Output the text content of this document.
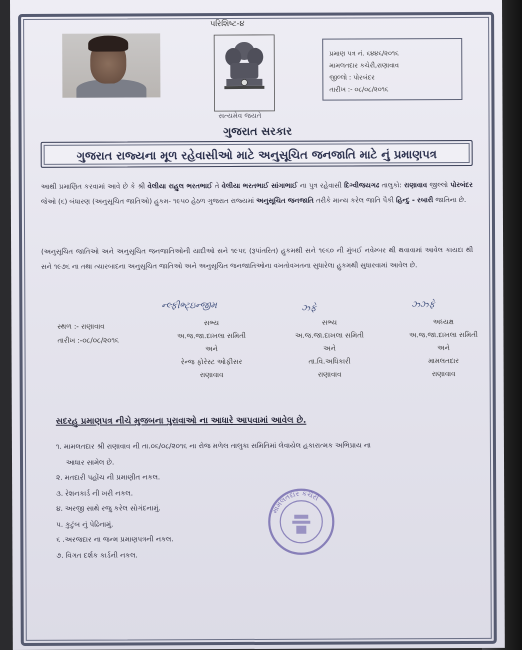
પરિશિષ્ટ-૪
સત્યમેવ જયતે
ગુજરાત સરકાર
પ્રમાણ પત્ર નં. ૬૪૪૬/૨૦૧૬
મામલતદાર કચેરી,રાણાવાવ
જીલ્લો : પોરબંદર
તારીખ :- ૦૮/૦૮/૨૦૧૬
ગુજરાત રાજ્યના મૂળ રહેવાસીઓ માટે અનુસૂચિત જનજાતિ માટે નું પ્રમાણપત્ર
આથી પ્રમાણિત કરવામાં આવે છે કે શ્રી વેલીયા રાહુલ ભરતભાઈ તે વેલીયા ભરતભાઈ સાંગાભાઈ ના પુત્ર રહેવાસી દિગ્વીજયગઢ તાલુકો: રાણાવાવ જીલ્લો પોરબંદર જેઓ (૬) બંધારણ (અનુસૂચિત જાતિઓ) હુકમ- ૧૯૫૦ હેઠળ ગુજરાત રાજ્યમાં અનુસૂચિત જનજાતિ તરીકે માન્ય કરેલ જાતિ પૈકી હિન્દુ - રબારી જાતિના છે.
(અનુસૂચિત જાતિઓ અને અનુસૂચિત જનજાતિઓની યાદીઓ સને ૧૯૫૬ (રૂપાંતરિત) હુકમથી સને ૧૯૬૦ ની મુંબઈ નવેમ્બર થી થવાવામાં આવેલ કાયદા થી સને ૧૯૭૬ ના તથા ત્યારબાદના અનુસૂચિત જાતિઓ અને અનુસૂચિત જનજાતિઓના વખતોવખતના સુધારેલા હુકમથી સુધારવામાં આવેલ છે.
ન્લ્ફીભ્ટ્ઇન્જીમ	ઝ્ફે	ઝ્ઝ્ફે
સભ્ય
અ.જ.જા.દાખલા સમિતી
અને
રેન્જ ફોરેસ્ટ ઓફીસર
રાણાવાવ
સભ્ય
અ.જ.જા.દાખલા સમિતી
અને
તા.વિ.અધિકારી
રાણાવાવ
અધ્યક્ષ
અ.જ.જા.દાખલા સમિતી
અને
મામલતદાર
રાણાવાવ
સ્થળ :- રાણાવાવ
તારીખ :-૦૮/૦૮/૨૦૧૬
સદરહુ પ્રમાણપત્ર નીચે મુજબના પુરાવાઓ ના આધારે આપવામાં આવેલ છે.
૧. મામલતદાર શ્રી રાણાવાવ ની તા.૦૬/૦૮/૨૦૧૬ ના રોજ મળેલ તાલુકા સમિતિમાં લેવાયેલ હકારાત્મક અભિપ્રાય ના
આધાર સામેલ છે.
૨. મતદારી પહોંચ ની પ્રમાણીત નકલ.
૩. રેશનકાર્ડ ની ખરી નકલ.
૪. અરજી સાથે રજુ કરેલ સોગંદનામું.
૫. કુટુંબ નું પેઢિનામું.
૬ .અરજદાર ના જન્મ પ્રમાણપત્રની નકલ.
૭. વિગત દર્શક કાર્ડની નકલ.
મામલતદાર કચેરી
